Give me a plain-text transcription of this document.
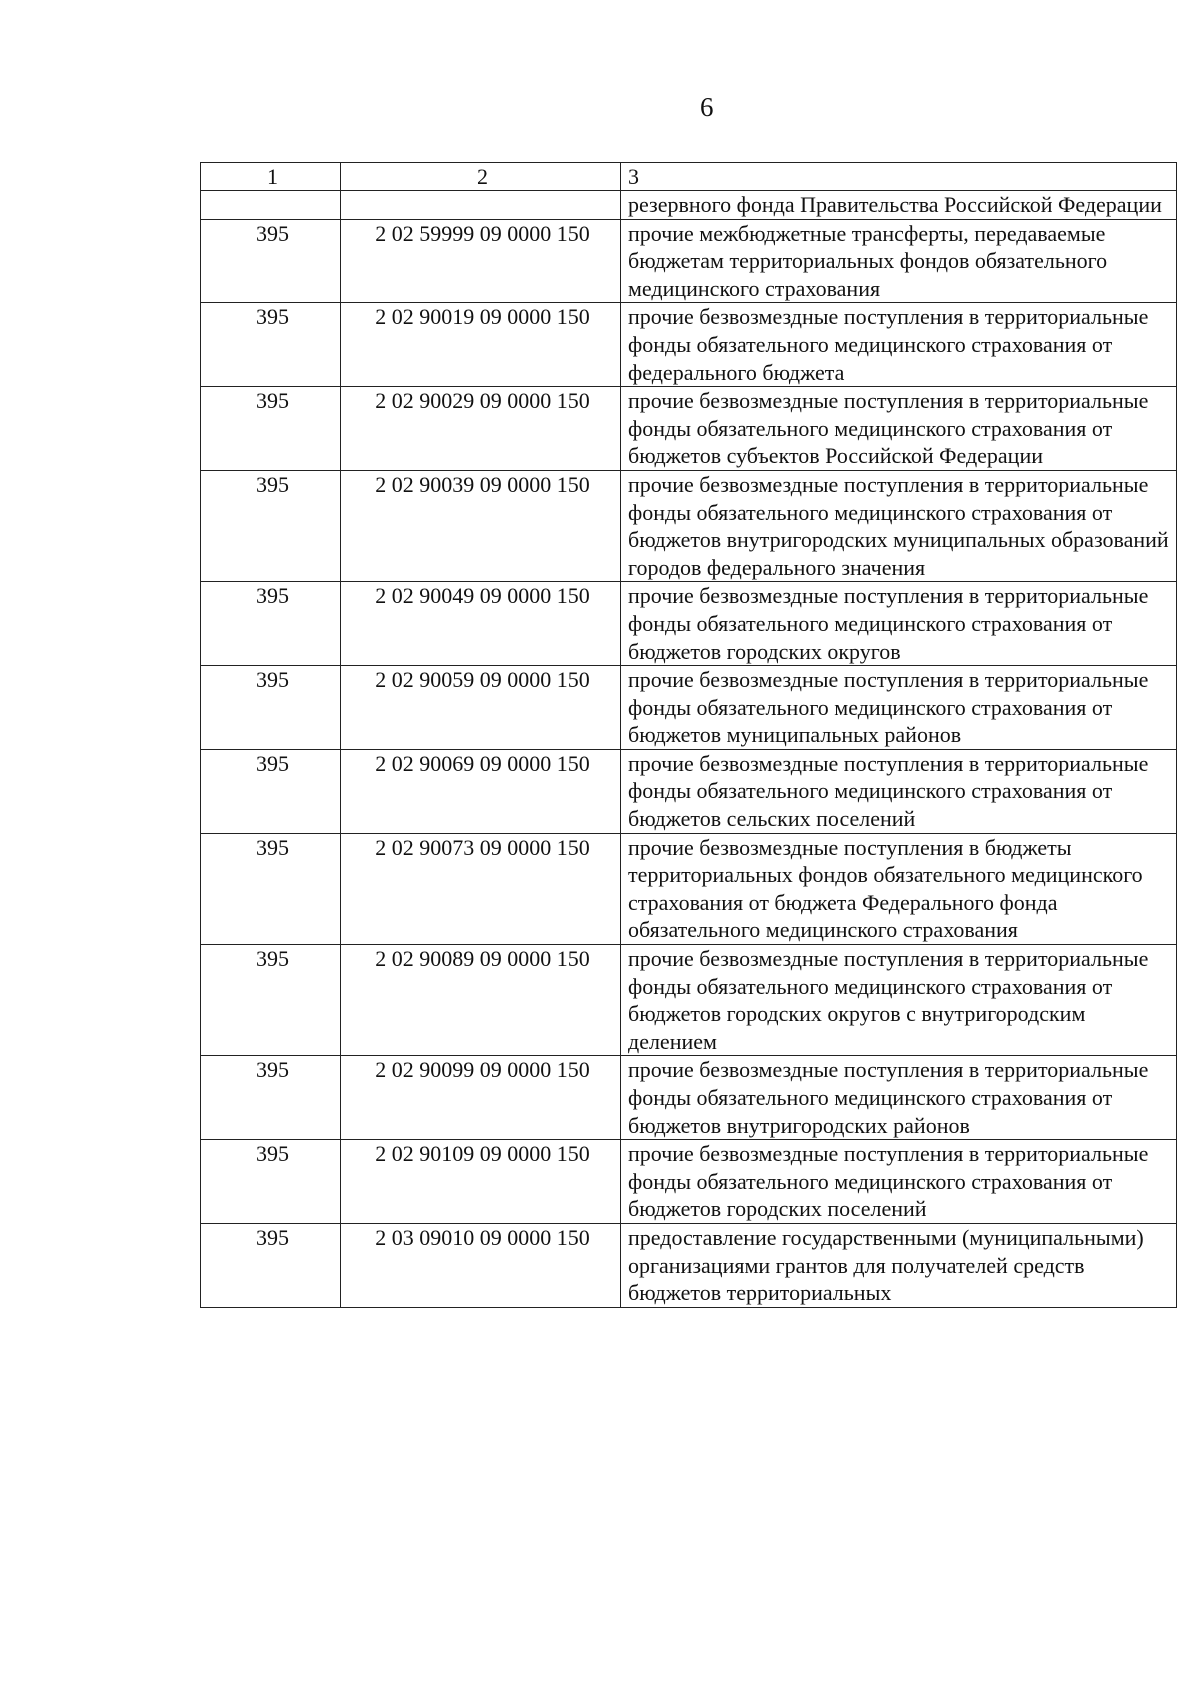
6
1	2	3
		резервного фонда Правительства Российской Федерации
395	2 02 59999 09 0000 150	прочие межбюджетные трансферты, передаваемые бюджетам территориальных фондов обязательного медицинского страхования
395	2 02 90019 09 0000 150	прочие безвозмездные поступления в территориальные фонды обязательного медицинского страхования от федерального бюджета
395	2 02 90029 09 0000 150	прочие безвозмездные поступления в территориальные фонды обязательного медицинского страхования от бюджетов субъектов Российской Федерации
395	2 02 90039 09 0000 150	прочие безвозмездные поступления в территориальные фонды обязательного медицинского страхования от бюджетов внутригородских муниципальных образований городов федерального значения
395	2 02 90049 09 0000 150	прочие безвозмездные поступления в территориальные фонды обязательного медицинского страхования от бюджетов городских округов
395	2 02 90059 09 0000 150	прочие безвозмездные поступления в территориальные фонды обязательного медицинского страхования от бюджетов муниципальных районов
395	2 02 90069 09 0000 150	прочие безвозмездные поступления в территориальные фонды обязательного медицинского страхования от бюджетов сельских поселений
395	2 02 90073 09 0000 150	прочие безвозмездные поступления в бюджеты территориальных фондов обязательного медицинского страхования от бюджета Федерального фонда обязательного медицинского страхования
395	2 02 90089 09 0000 150	прочие безвозмездные поступления в территориальные фонды обязательного медицинского страхования от бюджетов городских округов с внутригородским делением
395	2 02 90099 09 0000 150	прочие безвозмездные поступления в территориальные фонды обязательного медицинского страхования от бюджетов внутригородских районов
395	2 02 90109 09 0000 150	прочие безвозмездные поступления в территориальные фонды обязательного медицинского страхования от бюджетов городских поселений
395	2 03 09010 09 0000 150	предоставление государственными (муниципальными) организациями грантов для получателей средств бюджетов территориальных
